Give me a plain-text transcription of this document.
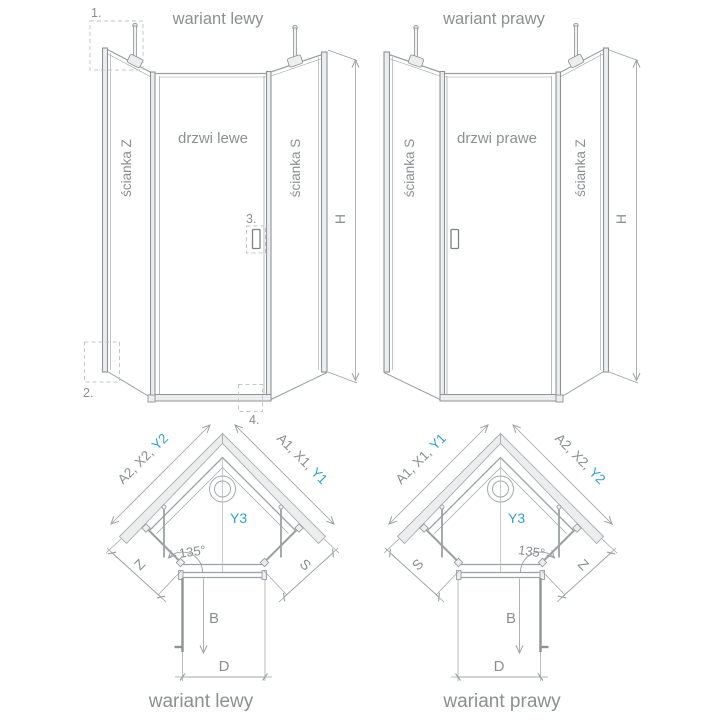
1.
2.
3.
4.
wariant lewy
ścianka Z
drzwi lewe
ścianka S
H
wariant prawy
ścianka S
drzwi prawe
ścianka Z
H
A2, X2,Y2	A1, X1,Y1
Y3
135°
Z	S
B
D
wariant lewy
A1, X1,Y1	A2, X2,Y2
Y3
135°
S	Z
B
D
wariant prawy
